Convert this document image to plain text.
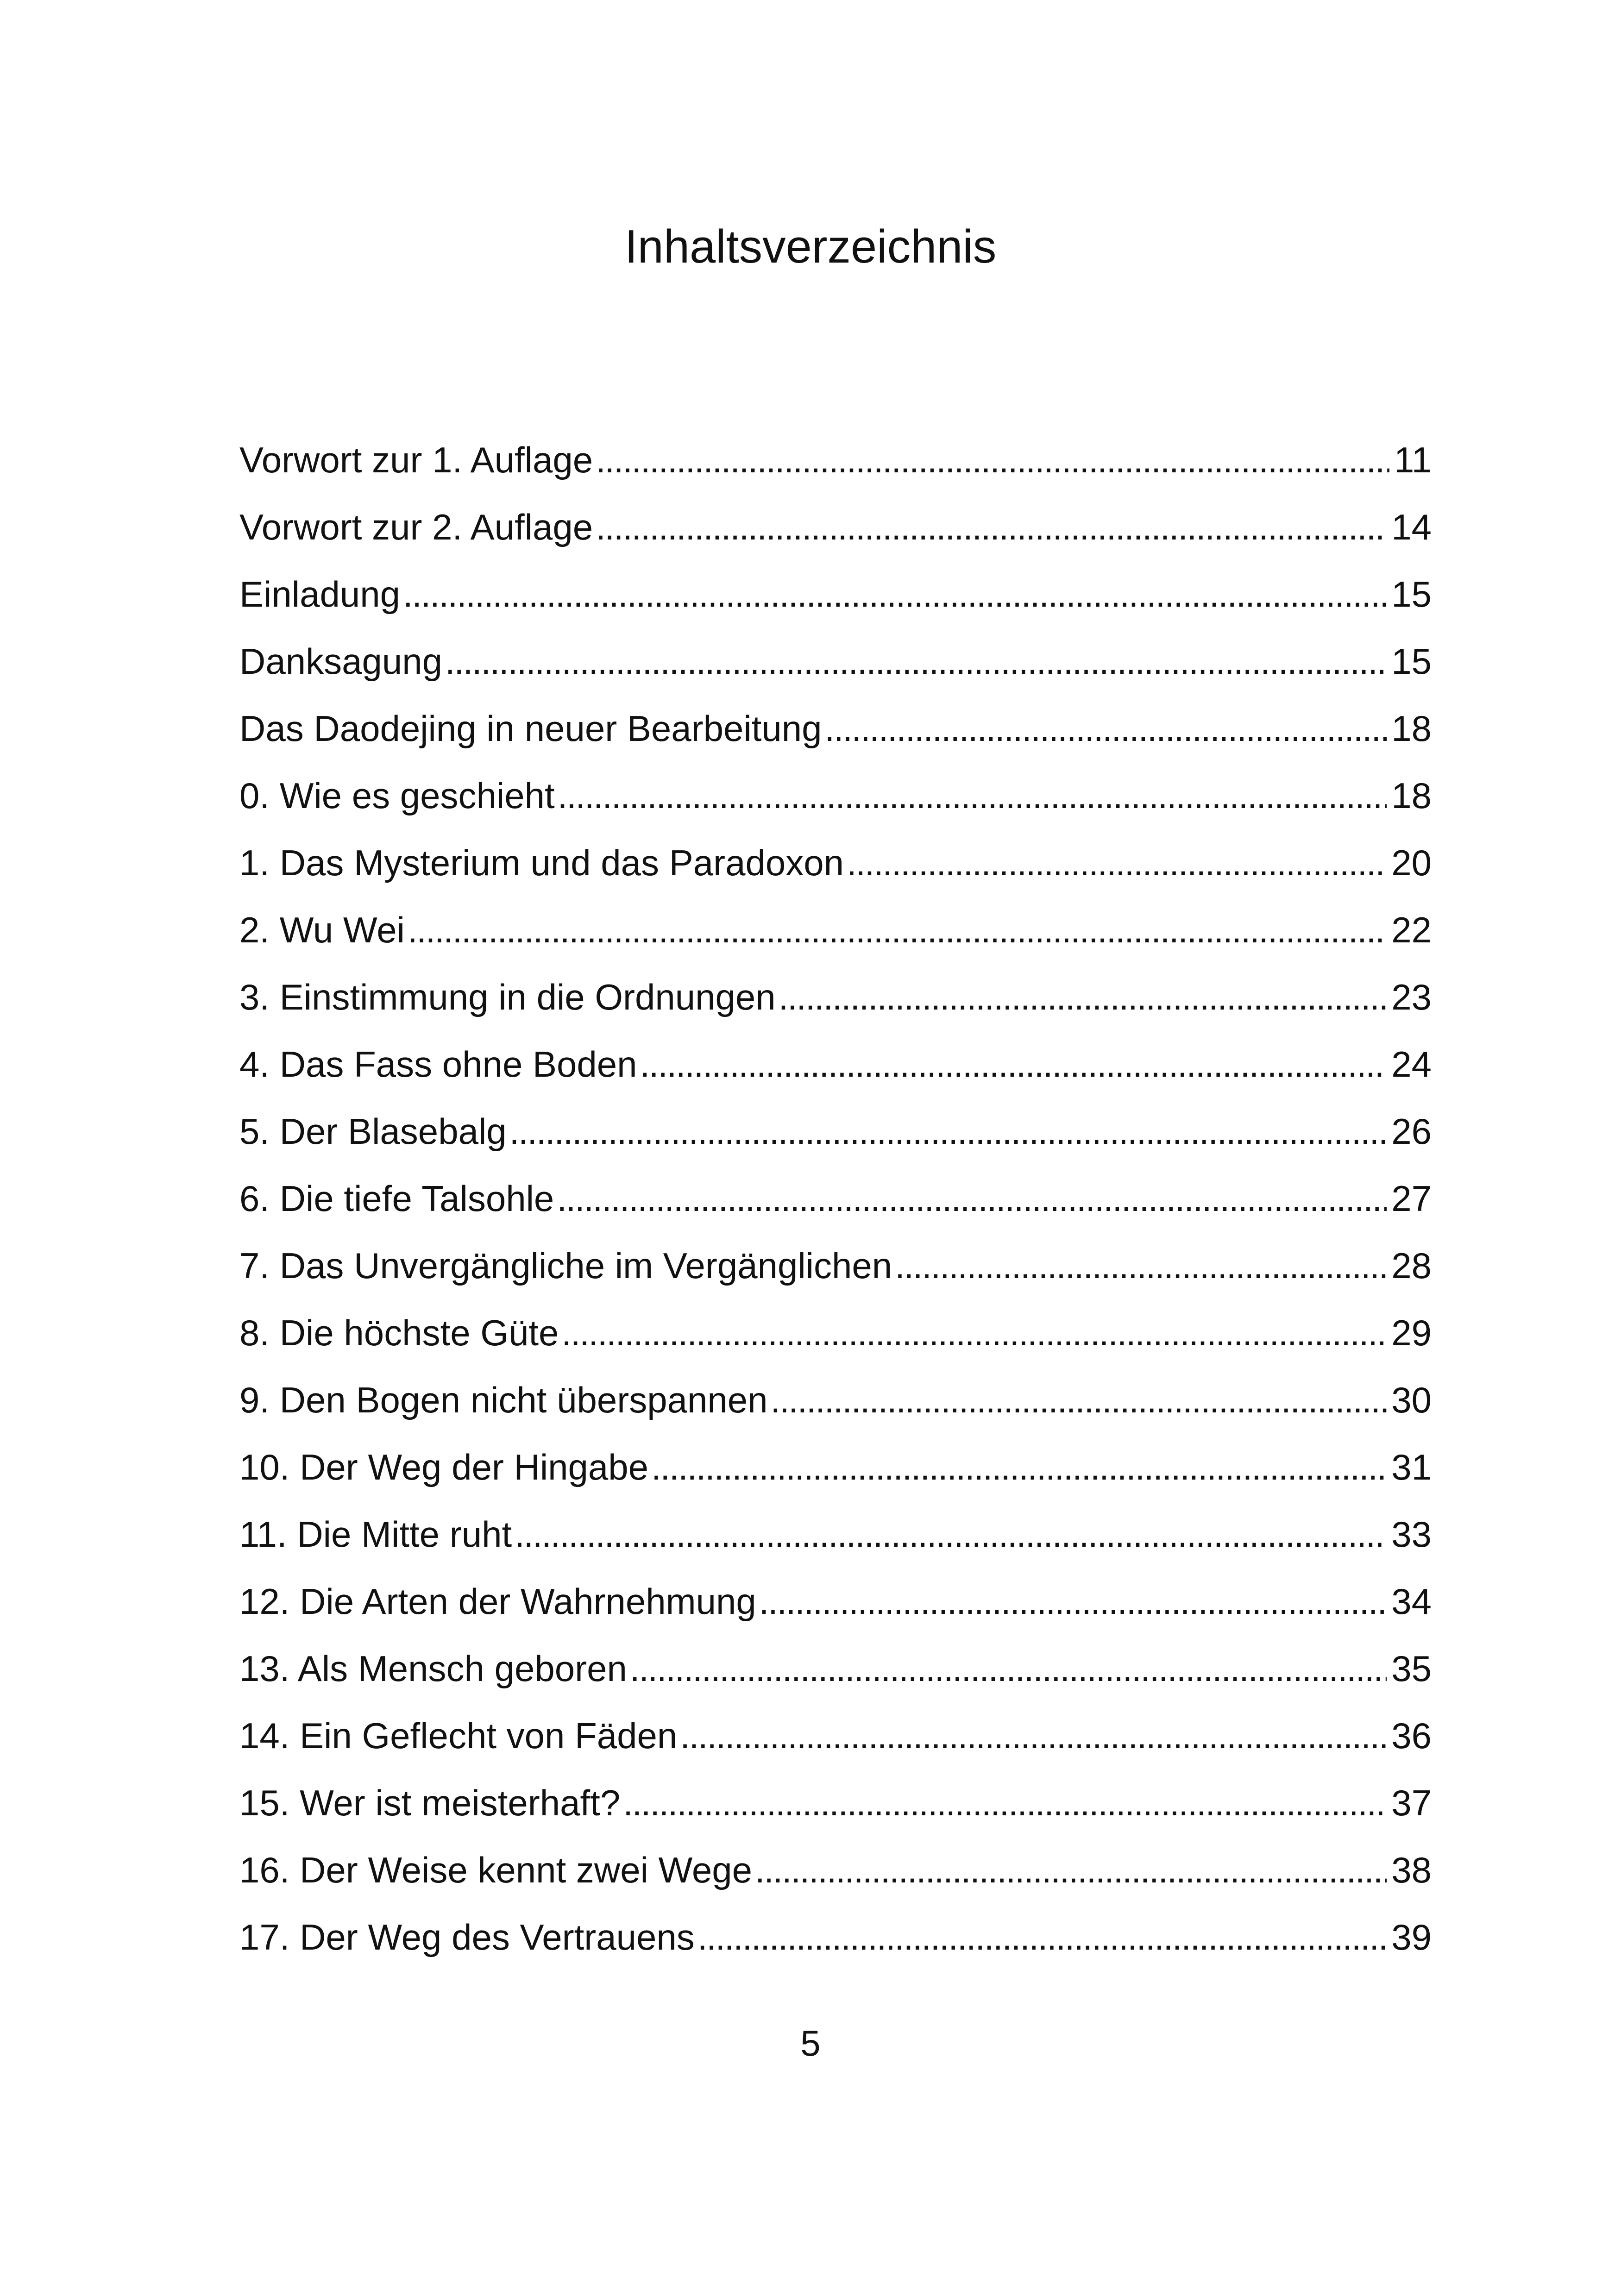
Inhaltsverzeichnis
Vorwort zur 1. Auflage . . .	11
Vorwort zur 2. Auflage . . .	14
Einladung . . .	15
Danksagung . . .	15
Das Daodejing in neuer Bearbeitung . . .	18
0. Wie es geschieht . . .	18
1. Das Mysterium und das Paradoxon . . .	20
2. Wu Wei . . .	22
3. Einstimmung in die Ordnungen . . .	23
4. Das Fass ohne Boden . . .	24
5. Der Blasebalg . . .	26
6. Die tiefe Talsohle . . .	27
7. Das Unvergängliche im Vergänglichen . . .	28
8. Die höchste Güte . . .	29
9. Den Bogen nicht überspannen . . .	30
10. Der Weg der Hingabe . . .	31
11. Die Mitte ruht . . .	33
12. Die Arten der Wahrnehmung . . .	34
13. Als Mensch geboren . . .	35
14. Ein Geflecht von Fäden . . .	36
15. Wer ist meisterhaft? . . .	37
16. Der Weise kennt zwei Wege . . .	38
17. Der Weg des Vertrauens . . .	39
5
